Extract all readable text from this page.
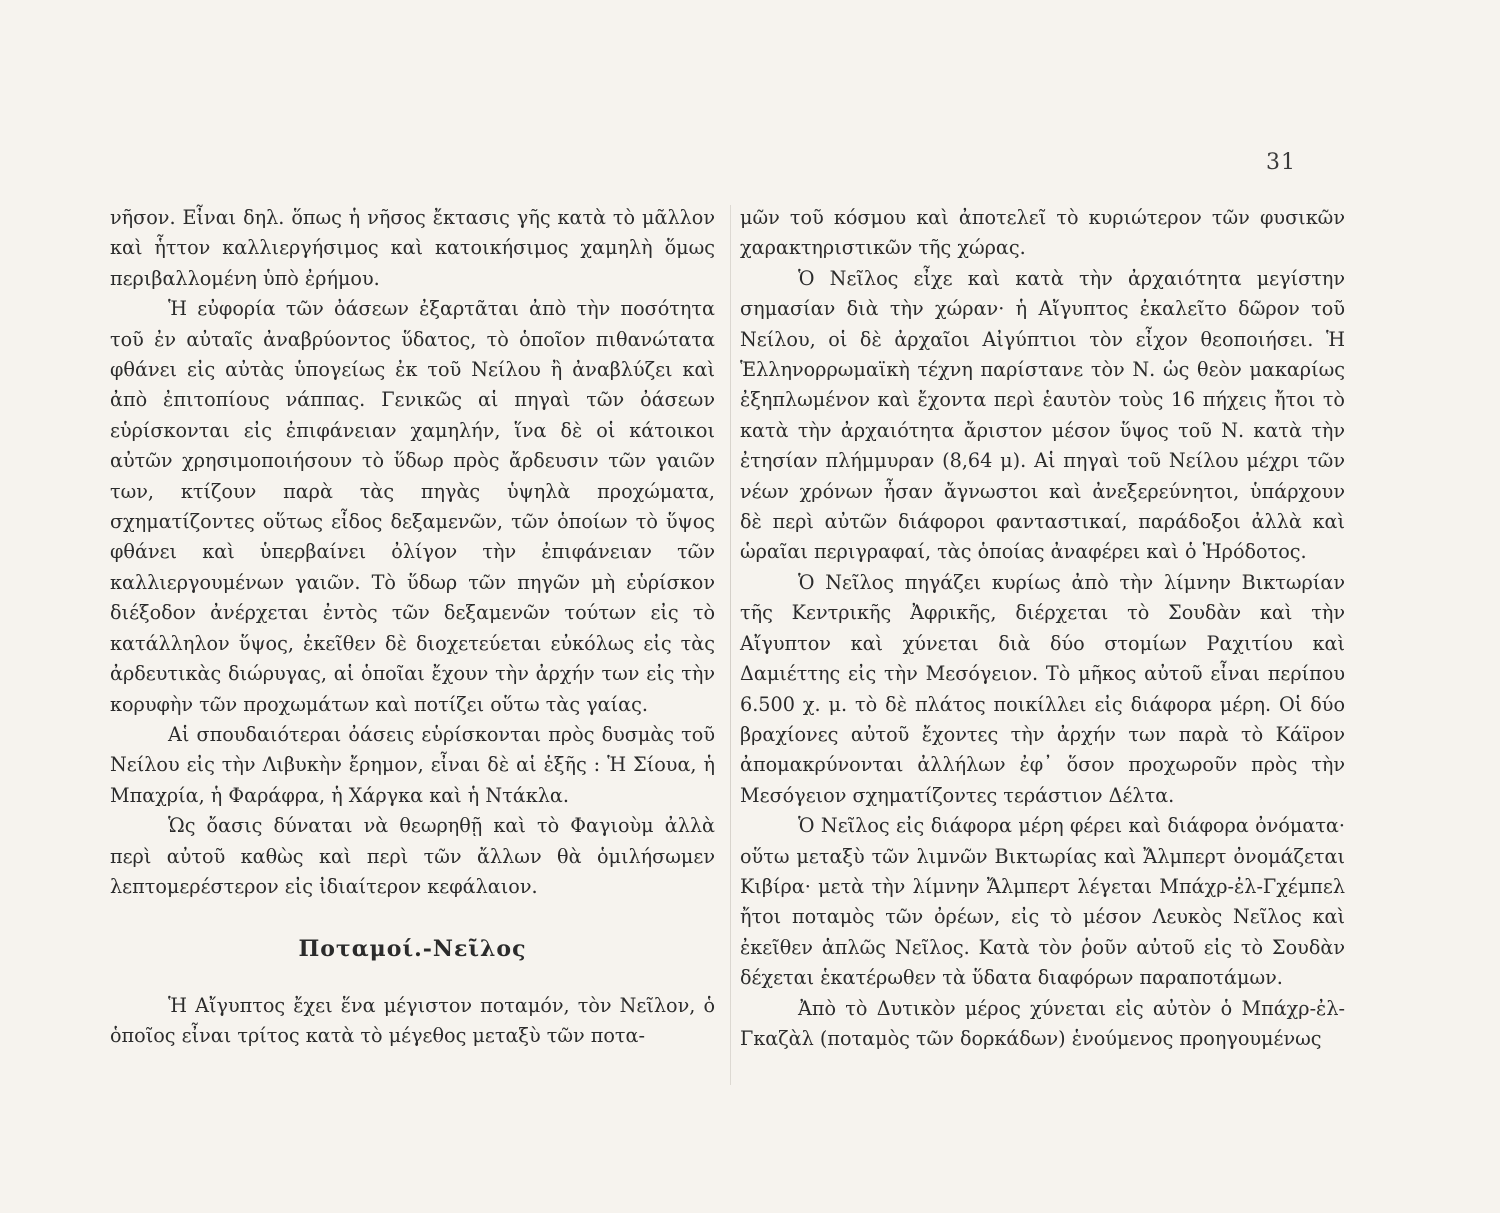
31

νῆσον. Εἶναι δηλ. ὅπως ἡ νῆσος ἔκτασις γῆς κατὰ τὸ μᾶλλον καὶ ἧττον καλλιεργήσιμος καὶ κατοικήσιμος χαμηλὴ ὅμως περιβαλλομένη ὑπὸ ἐρήμου.

Ἡ εὐφορία τῶν ὀάσεων ἐξαρτᾶται ἀπὸ τὴν ποσότητα τοῦ ἐν αὐταῖς ἀναβρύοντος ὕδατος, τὸ ὁποῖον πιθανώτατα φθάνει εἰς αὐτὰς ὑπογείως ἐκ τοῦ Νείλου ἢ ἀναβλύζει καὶ ἀπὸ ἐπιτοπίους νάππας. Γενικῶς αἱ πηγαὶ τῶν ὀάσεων εὑρίσκονται εἰς ἐπιφάνειαν χαμηλήν, ἵνα δὲ οἱ κάτοικοι αὐτῶν χρησιμοποιήσουν τὸ ὕδωρ πρὸς ἄρδευσιν τῶν γαιῶν των, κτίζουν παρὰ τὰς πηγὰς ὑψηλὰ προχώματα, σχηματίζοντες οὕτως εἶδος δεξαμενῶν, τῶν ὁποίων τὸ ὕψος φθάνει καὶ ὑπερβαίνει ὀλίγον τὴν ἐπιφάνειαν τῶν καλλιεργουμένων γαιῶν. Τὸ ὕδωρ τῶν πηγῶν μὴ εὑρίσκον διέξοδον ἀνέρχεται ἐντὸς τῶν δεξαμενῶν τούτων εἰς τὸ κατάλληλον ὕψος, ἐκεῖθεν δὲ διοχετεύεται εὐκόλως εἰς τὰς ἀρδευτικὰς διώρυγας, αἱ ὁποῖαι ἔχουν τὴν ἀρχήν των εἰς τὴν κορυφὴν τῶν προχωμάτων καὶ ποτίζει οὕτω τὰς γαίας.

Αἱ σπουδαιότεραι ὀάσεις εὑρίσκονται πρὸς δυσμὰς τοῦ Νείλου εἰς τὴν Λιβυκὴν ἔρημον, εἶναι δὲ αἱ ἑξῆς : Ἡ Σίουα, ἡ Μπαχρία, ἡ Φαράφρα, ἡ Χάργκα καὶ ἡ Ντάκλα.

Ὡς ὄασις δύναται νὰ θεωρηθῇ καὶ τὸ Φαγιοὺμ ἀλλὰ περὶ αὐτοῦ καθὼς καὶ περὶ τῶν ἄλλων θὰ ὁμιλήσωμεν λεπτομερέστερον εἰς ἰδιαίτερον κεφάλαιον.

Ποταμοί.-Νεῖλος

Ἡ Αἴγυπτος ἔχει ἕνα μέγιστον ποταμόν, τὸν Νεῖλον, ὁ ὁποῖος εἶναι τρίτος κατὰ τὸ μέγεθος μεταξὺ τῶν ποτα-

μῶν τοῦ κόσμου καὶ ἀποτελεῖ τὸ κυριώτερον τῶν φυσικῶν χαρακτηριστικῶν τῆς χώρας.

Ὁ Νεῖλος εἶχε καὶ κατὰ τὴν ἀρχαιότητα μεγίστην σημασίαν διὰ τὴν χώραν· ἡ Αἴγυπτος ἐκαλεῖτο δῶρον τοῦ Νείλου, οἱ δὲ ἀρχαῖοι Αἰγύπτιοι τὸν εἶχον θεοποιήσει. Ἡ Ἑλληνορρωμαϊκὴ τέχνη παρίστανε τὸν Ν. ὡς θεὸν μακαρίως ἐξηπλωμένον καὶ ἔχοντα περὶ ἑαυτὸν τοὺς 16 πήχεις ἤτοι τὸ κατὰ τὴν ἀρχαιότητα ἄριστον μέσον ὕψος τοῦ Ν. κατὰ τὴν ἐτησίαν πλήμμυραν (8,64 μ). Αἱ πηγαὶ τοῦ Νείλου μέχρι τῶν νέων χρόνων ἦσαν ἄγνωστοι καὶ ἀνεξερεύνητοι, ὑπάρχουν δὲ περὶ αὐτῶν διάφοροι φανταστικαί, παράδοξοι ἀλλὰ καὶ ὡραῖαι περιγραφαί, τὰς ὁποίας ἀναφέρει καὶ ὁ Ἡρόδοτος.

Ὁ Νεῖλος πηγάζει κυρίως ἀπὸ τὴν λίμνην Βικτωρίαν τῆς Κεντρικῆς Ἀφρικῆς, διέρχεται τὸ Σουδὰν καὶ τὴν Αἴγυπτον καὶ χύνεται διὰ δύο στομίων Ραχιτίου καὶ Δαμιέττης εἰς τὴν Μεσόγειον. Τὸ μῆκος αὐτοῦ εἶναι περίπου 6.500 χ. μ. τὸ δὲ πλάτος ποικίλλει εἰς διάφορα μέρη. Οἱ δύο βραχίονες αὐτοῦ ἔχοντες τὴν ἀρχήν των παρὰ τὸ Κάϊρον ἀπομακρύνονται ἀλλήλων ἐφ᾽ ὅσον προχωροῦν πρὸς τὴν Μεσόγειον σχηματίζοντες τεράστιον Δέλτα.

Ὁ Νεῖλος εἰς διάφορα μέρη φέρει καὶ διάφορα ὀνόματα· οὕτω μεταξὺ τῶν λιμνῶν Βικτωρίας καὶ Ἄλμπερτ ὀνομάζεται Κιβίρα· μετὰ τὴν λίμνην Ἄλμπερτ λέγεται Μπάχρ-ἐλ-Γχέμπελ ἤτοι ποταμὸς τῶν ὀρέων, εἰς τὸ μέσον Λευκὸς Νεῖλος καὶ ἐκεῖθεν ἁπλῶς Νεῖλος. Κατὰ τὸν ῥοῦν αὐτοῦ εἰς τὸ Σουδὰν δέχεται ἑκατέρωθεν τὰ ὕδατα διαφόρων παραποτάμων.

Ἀπὸ τὸ Δυτικὸν μέρος χύνεται εἰς αὐτὸν ὁ Μπάχρ-ἐλ-Γκαζὰλ (ποταμὸς τῶν δορκάδων) ἑνούμενος προηγουμένως
